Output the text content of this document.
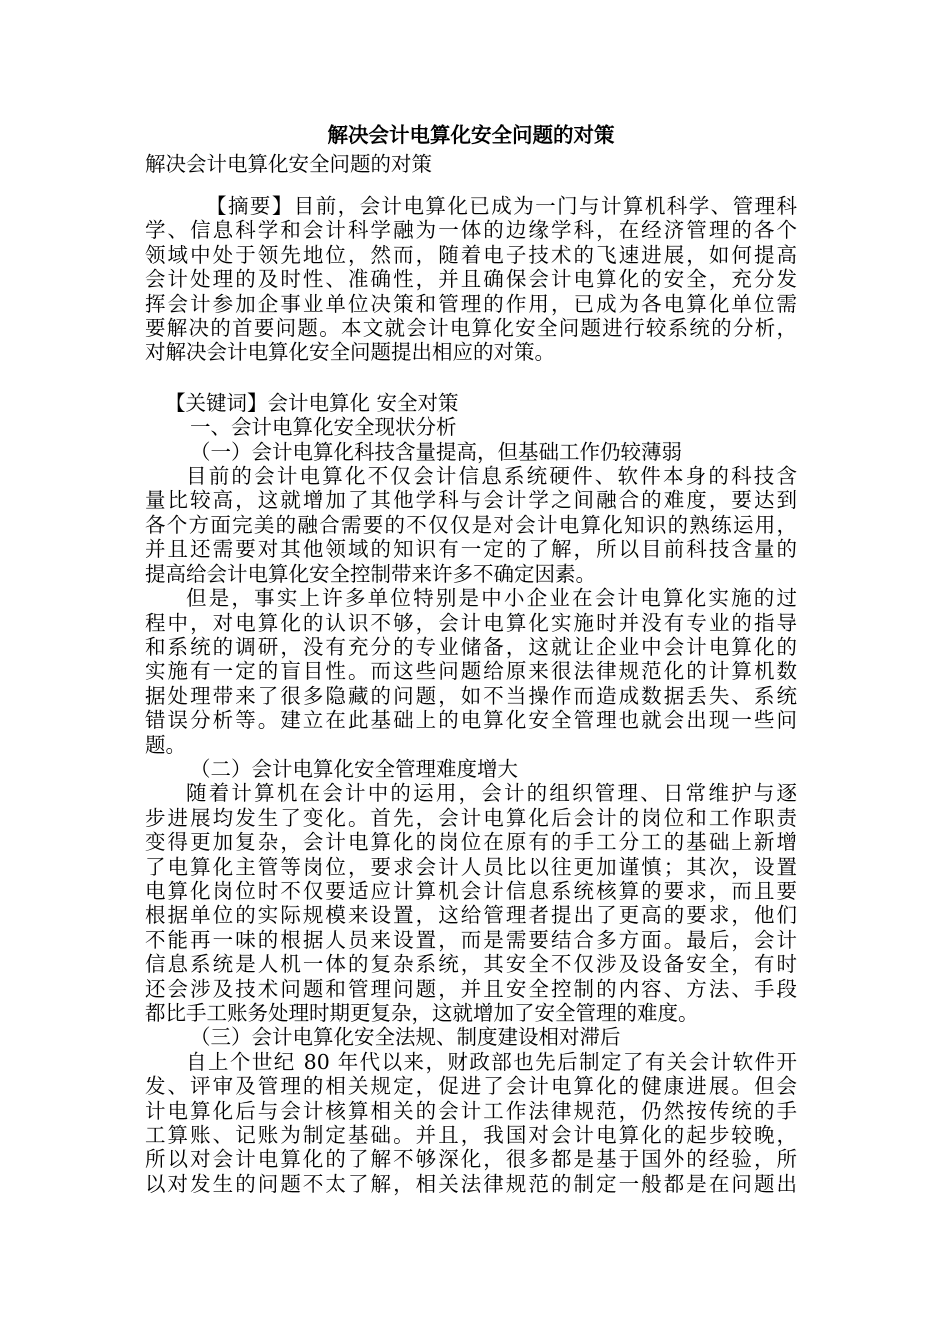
解决会计电算化安全问题的对策
解决会计电算化安全问题的对策
【摘要】目前，会计电算化已成为一门与计算机科学、管理科
学、信息科学和会计科学融为一体的边缘学科，在经济管理的各个
领域中处于领先地位，然而，随着电子技术的飞速进展，如何提高
会计处理的及时性、准确性，并且确保会计电算化的安全，充分发
挥会计参加企事业单位决策和管理的作用，已成为各电算化单位需
要解决的首要问题。本文就会计电算化安全问题进行较系统的分析，
对解决会计电算化安全问题提出相应的对策。
【关键词】会计电算化 安全对策
一、会计电算化安全现状分析
（一）会计电算化科技含量提高，但基础工作仍较薄弱
目前的会计电算化不仅会计信息系统硬件、软件本身的科技含
量比较高，这就增加了其他学科与会计学之间融合的难度，要达到
各个方面完美的融合需要的不仅仅是对会计电算化知识的熟练运用，
并且还需要对其他领域的知识有一定的了解，所以目前科技含量的
提高给会计电算化安全控制带来许多不确定因素。
但是，事实上许多单位特别是中小企业在会计电算化实施的过
程中，对电算化的认识不够，会计电算化实施时并没有专业的指导
和系统的调研，没有充分的专业储备，这就让企业中会计电算化的
实施有一定的盲目性。而这些问题给原来很法律规范化的计算机数
据处理带来了很多隐藏的问题，如不当操作而造成数据丢失、系统
错误分析等。建立在此基础上的电算化安全管理也就会出现一些问
题。
（二）会计电算化安全管理难度增大
随着计算机在会计中的运用，会计的组织管理、日常维护与逐
步进展均发生了变化。首先，会计电算化后会计的岗位和工作职责
变得更加复杂，会计电算化的岗位在原有的手工分工的基础上新增
了电算化主管等岗位，要求会计人员比以往更加谨慎；其次，设置
电算化岗位时不仅要适应计算机会计信息系统核算的要求，而且要
根据单位的实际规模来设置，这给管理者提出了更高的要求，他们
不能再一味的根据人员来设置，而是需要结合多方面。最后，会计
信息系统是人机一体的复杂系统，其安全不仅涉及设备安全，有时
还会涉及技术问题和管理问题，并且安全控制的内容、方法、手段
都比手工账务处理时期更复杂，这就增加了安全管理的难度。
（三）会计电算化安全法规、制度建设相对滞后
自上个世纪 80 年代以来，财政部也先后制定了有关会计软件开
发、评审及管理的相关规定，促进了会计电算化的健康进展。但会
计电算化后与会计核算相关的会计工作法律规范，仍然按传统的手
工算账、记账为制定基础。并且，我国对会计电算化的起步较晚，
所以对会计电算化的了解不够深化，很多都是基于国外的经验，所
以对发生的问题不太了解，相关法律规范的制定一般都是在问题出
